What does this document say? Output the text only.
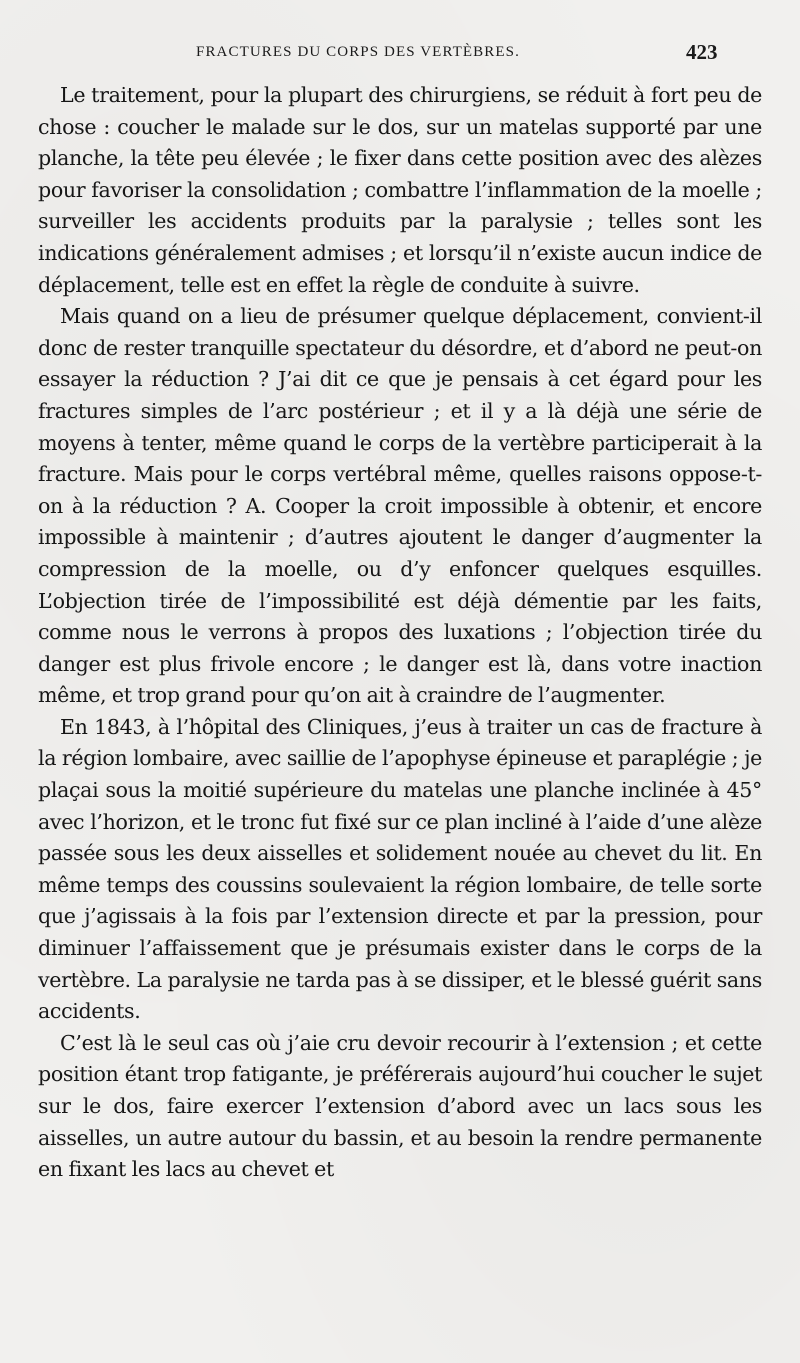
FRACTURES DU CORPS DES VERTÈBRES.	423

Le traitement, pour la plupart des chirurgiens, se réduit à fort peu de chose : coucher le malade sur le dos, sur un matelas supporté par une planche, la tête peu élevée ; le fixer dans cette position avec des alèzes pour favoriser la consolidation ; combattre l’inflammation de la moelle ; surveiller les accidents produits par la paralysie ; telles sont les indications généralement admises ; et lorsqu’il n’existe aucun indice de déplacement, telle est en effet la règle de conduite à suivre.

Mais quand on a lieu de présumer quelque déplacement, convient-il donc de rester tranquille spectateur du désordre, et d’abord ne peut-on essayer la réduction ? J’ai dit ce que je pensais à cet égard pour les fractures simples de l’arc postérieur ; et il y a là déjà une série de moyens à tenter, même quand le corps de la vertèbre participerait à la fracture. Mais pour le corps vertébral même, quelles raisons oppose-t-on à la réduction ? A. Cooper la croit impossible à obtenir, et encore impossible à maintenir ; d’autres ajoutent le danger d’augmenter la compression de la moelle, ou d’y enfoncer quelques esquilles. L’objection tirée de l’impossibilité est déjà démentie par les faits, comme nous le verrons à propos des luxations ; l’objection tirée du danger est plus frivole encore ; le danger est là, dans votre inaction même, et trop grand pour qu’on ait à craindre de l’augmenter.

En 1843, à l’hôpital des Cliniques, j’eus à traiter un cas de fracture à la région lombaire, avec saillie de l’apophyse épineuse et paraplégie ; je plaçai sous la moitié supérieure du matelas une planche inclinée à 45° avec l’horizon, et le tronc fut fixé sur ce plan incliné à l’aide d’une alèze passée sous les deux aisselles et solidement nouée au chevet du lit. En même temps des coussins soulevaient la région lombaire, de telle sorte que j’agissais à la fois par l’extension directe et par la pression, pour diminuer l’affaissement que je présumais exister dans le corps de la vertèbre. La paralysie ne tarda pas à se dissiper, et le blessé guérit sans accidents.

C’est là le seul cas où j’aie cru devoir recourir à l’extension ; et cette position étant trop fatigante, je préférerais aujourd’hui coucher le sujet sur le dos, faire exercer l’extension d’abord avec un lacs sous les aisselles, un autre autour du bassin, et au besoin la rendre permanente en fixant les lacs au chevet et
